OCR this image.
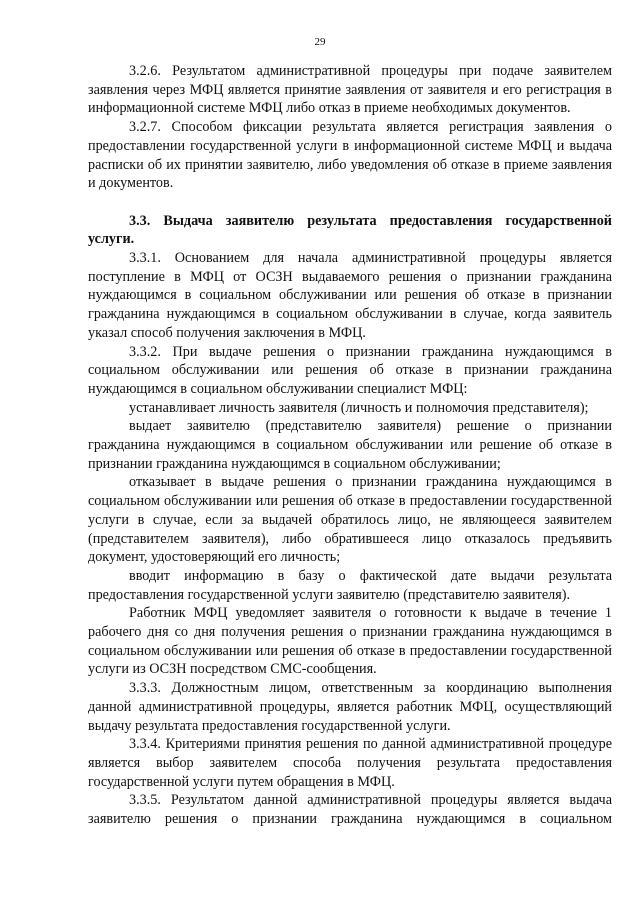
29

3.2.6. Результатом административной процедуры при подаче заявителем заявления через МФЦ является принятие заявления от заявителя и его регистрация в информационной системе МФЦ либо отказ в приеме необходимых документов.

3.2.7. Способом фиксации результата является регистрация заявления о предоставлении государственной услуги в информационной системе МФЦ и выдача расписки об их принятии заявителю, либо уведомления об отказе в приеме заявления и документов.

3.3. Выдача заявителю результата предоставления государственной услуги.

3.3.1. Основанием для начала административной процедуры является поступление в МФЦ от ОСЗН выдаваемого решения о признании гражданина нуждающимся в социальном обслуживании или решения об отказе в признании гражданина нуждающимся в социальном обслуживании в случае, когда заявитель указал способ получения заключения в МФЦ.

3.3.2. При выдаче решения о признании гражданина нуждающимся в социальном обслуживании или решения об отказе в признании гражданина нуждающимся в социальном обслуживании специалист МФЦ:

устанавливает личность заявителя (личность и полномочия представителя);

выдает заявителю (представителю заявителя) решение о признании гражданина нуждающимся в социальном обслуживании или решение об отказе в признании гражданина нуждающимся в социальном обслуживании;

отказывает в выдаче решения о признании гражданина нуждающимся в социальном обслуживании или решения об отказе в предоставлении государственной услуги в случае, если за выдачей обратилось лицо, не являющееся заявителем (представителем заявителя), либо обратившееся лицо отказалось предъявить документ, удостоверяющий его личность;

вводит информацию в базу о фактической дате выдачи результата предоставления государственной услуги заявителю (представителю заявителя).

Работник МФЦ уведомляет заявителя о готовности к выдаче в течение 1 рабочего дня со дня получения решения о признании гражданина нуждающимся в социальном обслуживании или решения об отказе в предоставлении государственной услуги из ОСЗН посредством СМС-сообщения.

3.3.3. Должностным лицом, ответственным за координацию выполнения данной административной процедуры, является работник МФЦ, осуществляющий выдачу результата предоставления государственной услуги.

3.3.4. Критериями принятия решения по данной административной процедуре является выбор заявителем способа получения результата предоставления государственной услуги путем обращения в МФЦ.

3.3.5. Результатом данной административной процедуры является выдача заявителю решения о признании гражданина нуждающимся в социальном
